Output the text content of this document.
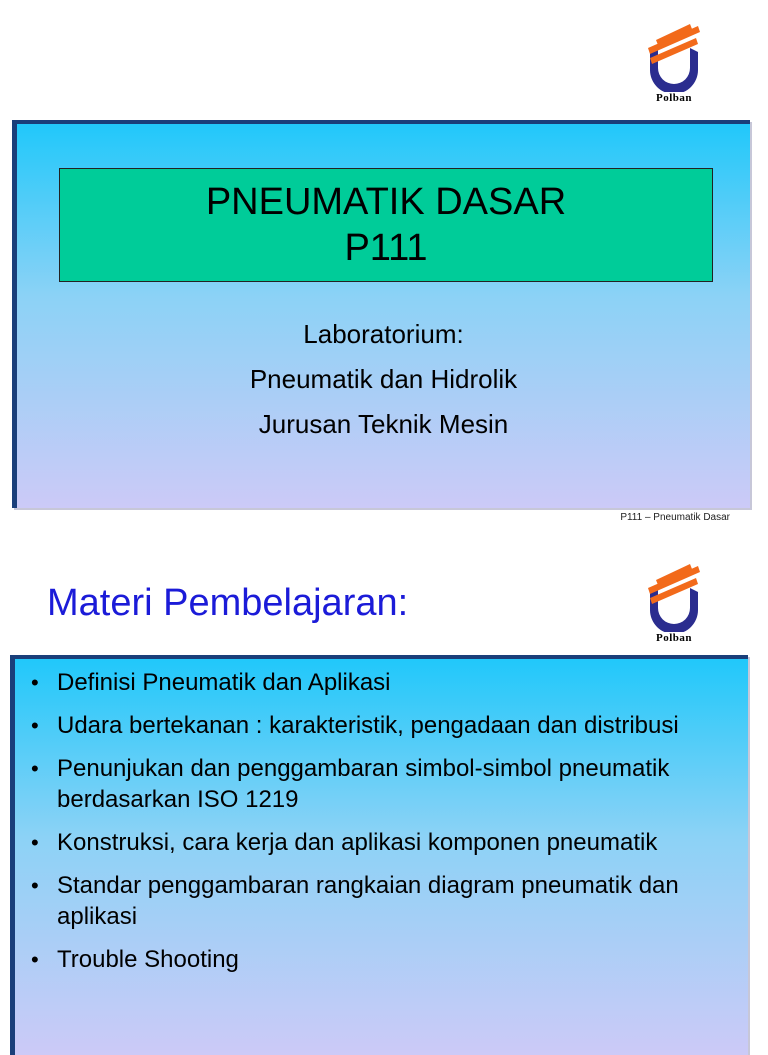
Polban
PNEUMATIK DASAR
P111
Laboratorium:
Pneumatik dan Hidrolik
Jurusan Teknik Mesin
P111 – Pneumatik Dasar
Materi Pembelajaran:
Polban
• Definisi Pneumatik dan Aplikasi
• Udara bertekanan : karakteristik, pengadaan dan distribusi
• Penunjukan dan penggambaran simbol-simbol pneumatik berdasarkan ISO 1219
• Konstruksi, cara kerja dan aplikasi komponen pneumatik
• Standar penggambaran rangkaian diagram pneumatik dan aplikasi
• Trouble Shooting
